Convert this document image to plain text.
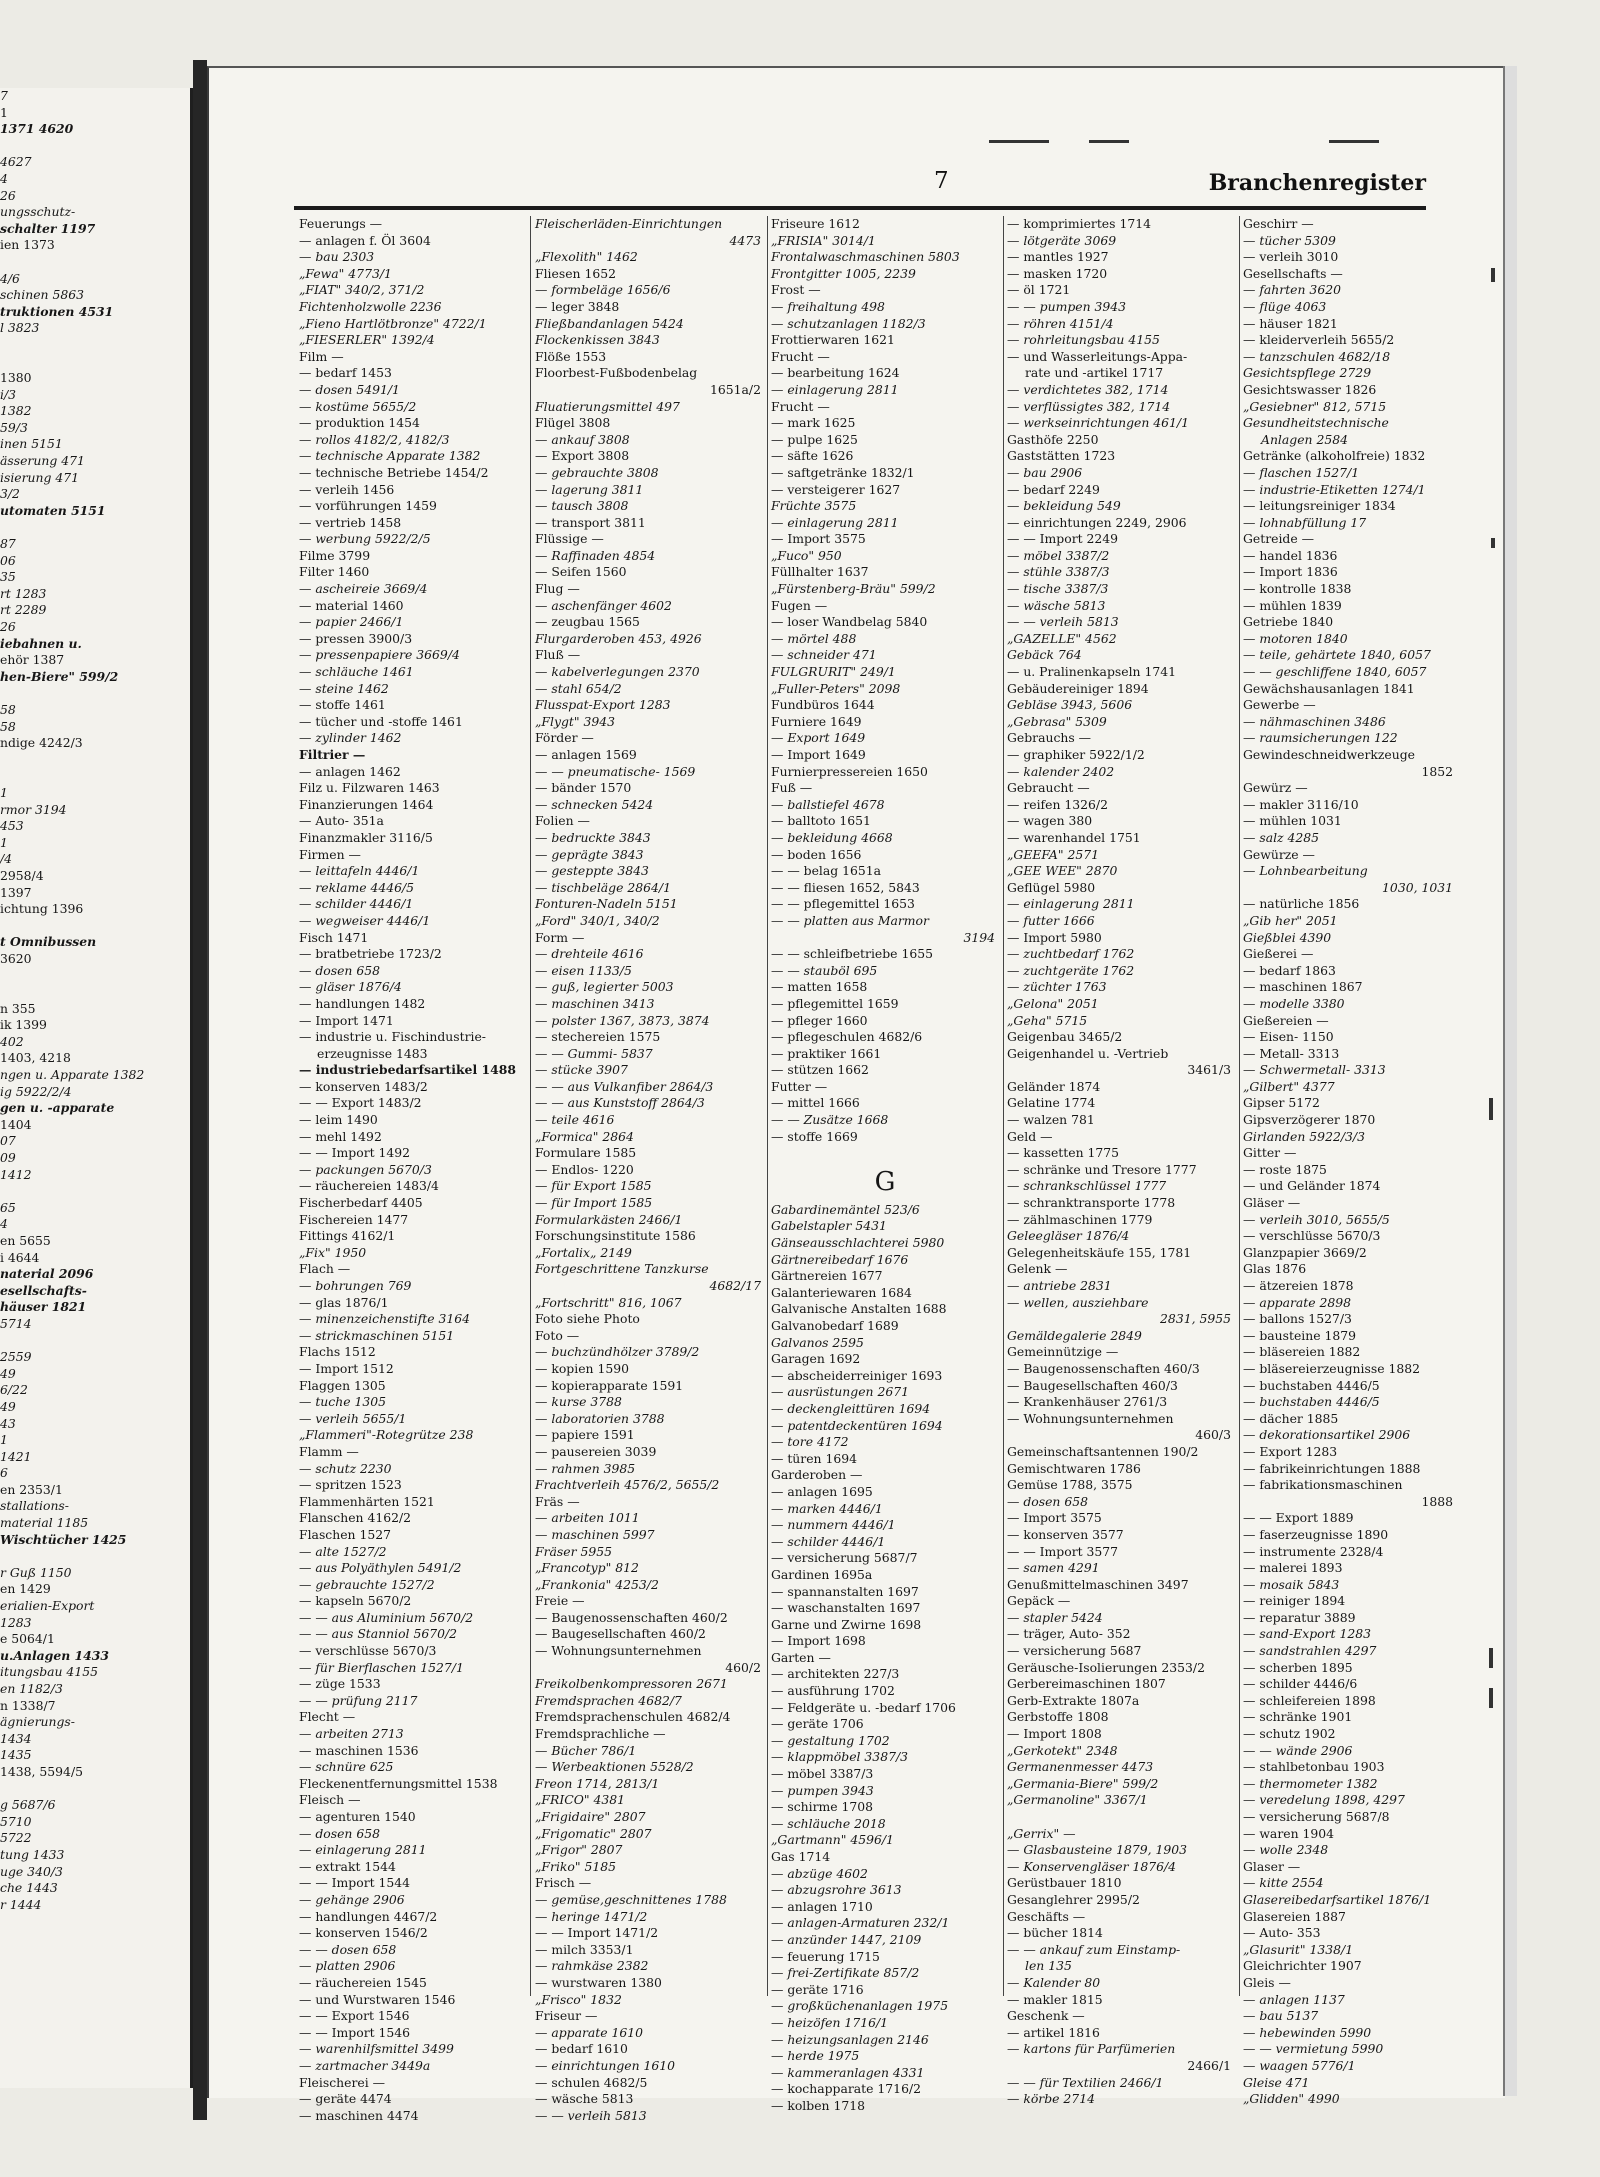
7
1
1371 4620
4627
4
26
ungsschutz-
schalter 1197
ien 1373
4/6
schinen 5863
truktionen 4531
l 3823
1380
i/3
1382
59/3
inen 5151
ässerung 471
isierung 471
3/2
utomaten 5151
87
06
35
rt 1283
rt 2289
26
iebahnen u.
ehör 1387
hen-Biere" 599/2
58
58
ndige 4242/3
1
rmor 3194
453
1
/4
2958/4
1397
ichtung 1396
t Omnibussen
3620
n 355
ik 1399
402
1403, 4218
ngen u. Apparate 1382
ig 5922/2/4
gen u. -apparate
1404
07
09
1412
65
4
en 5655
i 4644
naterial 2096
esellschafts-
häuser 1821
5714
2559
49
6/22
49
43
1
1421
6
en 2353/1
stallations-
material 1185
Wischtücher 1425
r Guß 1150
en 1429
erialien-Export
1283
e 5064/1
u.Anlagen 1433
itungsbau 4155
en 1182/3
n 1338/7
ägnierungs-
1434
1435
1438, 5594/5
g 5687/6
5710
5722
tung 1433
uge 340/3
che 1443
r 1444
7	Branchenregister
Feuerungs —
— anlagen f. Öl 3604
— bau 2303
„Fewa" 4773/1
„FIAT" 340/2, 371/2
Fichtenholzwolle 2236
„Fieno Hartlötbronze" 4722/1
„FIESERLER" 1392/4
Film —
— bedarf 1453
— dosen 5491/1
— kostüme 5655/2
— produktion 1454
— rollos 4182/2, 4182/3
— technische Apparate 1382
— technische Betriebe 1454/2
— verleih 1456
— vorführungen 1459
— vertrieb 1458
— werbung 5922/2/5
Filme 3799
Filter 1460
— ascheireie 3669/4
— material 1460
— papier 2466/1
— pressen 3900/3
— pressenpapiere 3669/4
— schläuche 1461
— steine 1462
— stoffe 1461
— tücher und -stoffe 1461
— zylinder 1462
Filtrier —
— anlagen 1462
Filz u. Filzwaren 1463
Finanzierungen 1464
— Auto- 351a
Finanzmakler 3116/5
Firmen —
— leittafeln 4446/1
— reklame 4446/5
— schilder 4446/1
— wegweiser 4446/1
Fisch 1471
— bratbetriebe 1723/2
— dosen 658
— gläser 1876/4
— handlungen 1482
— Import 1471
— industrie u. Fischindustrie-
erzeugnisse 1483
— industriebedarfsartikel 1488
— konserven 1483/2
— — Export 1483/2
— leim 1490
— mehl 1492
— — Import 1492
— packungen 5670/3
— räuchereien 1483/4
Fischerbedarf 4405
Fischereien 1477
Fittings 4162/1
„Fix" 1950
Flach —
— bohrungen 769
— glas 1876/1
— minenzeichenstifte 3164
— strickmaschinen 5151
Flachs 1512
— Import 1512
Flaggen 1305
— tuche 1305
— verleih 5655/1
„Flammeri"-Rotegrütze 238
Flamm —
— schutz 2230
— spritzen 1523
Flammenhärten 1521
Flanschen 4162/2
Flaschen 1527
— alte 1527/2
— aus Polyäthylen 5491/2
— gebrauchte 1527/2
— kapseln 5670/2
— — aus Aluminium 5670/2
— — aus Stanniol 5670/2
— verschlüsse 5670/3
— für Bierflaschen 1527/1
— züge 1533
— — prüfung 2117
Flecht —
— arbeiten 2713
— maschinen 1536
— schnüre 625
Fleckenentfernungsmittel 1538
Fleisch —
— agenturen 1540
— dosen 658
— einlagerung 2811
— extrakt 1544
— — Import 1544
— gehänge 2906
— handlungen 4467/2
— konserven 1546/2
— — dosen 658
— platten 2906
— räuchereien 1545
— und Wurstwaren 1546
— — Export 1546
— — Import 1546
— warenhilfsmittel 3499
— zartmacher 3449a
Fleischerei —
— geräte 4474
— maschinen 4474
Fleischerläden-Einrichtungen
4473
„Flexolith" 1462
Fliesen 1652
— formbeläge 1656/6
— leger 3848
Fließbandanlagen 5424
Flockenkissen 3843
Flöße 1553
Floorbest-Fußbodenbelag
1651a/2
Fluatierungsmittel 497
Flügel 3808
— ankauf 3808
— Export 3808
— gebrauchte 3808
— lagerung 3811
— tausch 3808
— transport 3811
Flüssige —
— Raffinaden 4854
— Seifen 1560
Flug —
— aschenfänger 4602
— zeugbau 1565
Flurgarderoben 453, 4926
Fluß —
— kabelverlegungen 2370
— stahl 654/2
Flusspat-Export 1283
„Flygt" 3943
Förder —
— anlagen 1569
— — pneumatische- 1569
— bänder 1570
— schnecken 5424
Folien —
— bedruckte 3843
— geprägte 3843
— gesteppte 3843
— tischbeläge 2864/1
Fonturen-Nadeln 5151
„Ford" 340/1, 340/2
Form —
— drehteile 4616
— eisen 1133/5
— guß, legierter 5003
— maschinen 3413
— polster 1367, 3873, 3874
— stechereien 1575
— — Gummi- 5837
— stücke 3907
— — aus Vulkanfiber 2864/3
— — aus Kunststoff 2864/3
— teile 4616
„Formica" 2864
Formulare 1585
— Endlos- 1220
— für Export 1585
— für Import 1585
Formularkästen 2466/1
Forschungsinstitute 1586
„Fortalix„ 2149
Fortgeschrittene Tanzkurse
4682/17
„Fortschritt" 816, 1067
Foto siehe Photo
Foto —
— buchzündhölzer 3789/2
— kopien 1590
— kopierapparate 1591
— kurse 3788
— laboratorien 3788
— papiere 1591
— pausereien 3039
— rahmen 3985
Frachtverleih 4576/2, 5655/2
Fräs —
— arbeiten 1011
— maschinen 5997
Fräser 5955
„Francotyp" 812
„Frankonia" 4253/2
Freie —
— Baugenossenschaften 460/2
— Baugesellschaften 460/2
— Wohnungsunternehmen
460/2
Freikolbenkompressoren 2671
Fremdsprachen 4682/7
Fremdsprachenschulen 4682/4
Fremdsprachliche —
— Bücher 786/1
— Werbeaktionen 5528/2
Freon 1714, 2813/1
„FRICO" 4381
„Frigidaire" 2807
„Frigomatic" 2807
„Frigor" 2807
„Friko" 5185
Frisch —
— gemüse,geschnittenes 1788
— heringe 1471/2
— — Import 1471/2
— milch 3353/1
— rahmkäse 2382
— wurstwaren 1380
„Frisco" 1832
Friseur —
— apparate 1610
— bedarf 1610
— einrichtungen 1610
— schulen 4682/5
— wäsche 5813
— — verleih 5813
Friseure 1612
„FRISIA" 3014/1
Frontalwaschmaschinen 5803
Frontgitter 1005, 2239
Frost —
— freihaltung 498
— schutzanlagen 1182/3
Frottierwaren 1621
Frucht —
— bearbeitung 1624
— einlagerung 2811
Frucht —
— mark 1625
— pulpe 1625
— säfte 1626
— saftgetränke 1832/1
— versteigerer 1627
Früchte 3575
— einlagerung 2811
— Import 3575
„Fuco" 950
Füllhalter 1637
„Fürstenberg-Bräu" 599/2
Fugen —
— loser Wandbelag 5840
— mörtel 488
— schneider 471
FULGRURIT" 249/1
„Fuller-Peters" 2098
Fundbüros 1644
Furniere 1649
— Export 1649
— Import 1649
Furnierpressereien 1650
Fuß —
— ballstiefel 4678
— balltoto 1651
— bekleidung 4668
— boden 1656
— — belag 1651a
— — fliesen 1652, 5843
— — pflegemittel 1653
— — platten aus Marmor
3194
— — schleifbetriebe 1655
— — stauböl 695
— matten 1658
— pflegemittel 1659
— pfleger 1660
— pflegeschulen 4682/6
— praktiker 1661
— stützen 1662
Futter —
— mittel 1666
— — Zusätze 1668
— stoffe 1669
G
Gabardinemäntel 523/6
Gabelstapler 5431
Gänseausschlachterei 5980
Gärtnereibedarf 1676
Gärtnereien 1677
Galanteriewaren 1684
Galvanische Anstalten 1688
Galvanobedarf 1689
Galvanos 2595
Garagen 1692
— abscheiderreiniger 1693
— ausrüstungen 2671
— deckengleittüren 1694
— patentdeckentüren 1694
— tore 4172
— türen 1694
Garderoben —
— anlagen 1695
— marken 4446/1
— nummern 4446/1
— schilder 4446/1
— versicherung 5687/7
Gardinen 1695a
— spannanstalten 1697
— waschanstalten 1697
Garne und Zwirne 1698
— Import 1698
Garten —
— architekten 227/3
— ausführung 1702
— Feldgeräte u. -bedarf 1706
— geräte 1706
— gestaltung 1702
— klappmöbel 3387/3
— möbel 3387/3
— pumpen 3943
— schirme 1708
— schläuche 2018
„Gartmann" 4596/1
Gas 1714
— abzüge 4602
— abzugsrohre 3613
— anlagen 1710
— anlagen-Armaturen 232/1
— anzünder 1447, 2109
— feuerung 1715
— frei-Zertifikate 857/2
— geräte 1716
— großküchenanlagen 1975
— heizöfen 1716/1
— heizungsanlagen 2146
— herde 1975
— kammeranlagen 4331
— kochapparate 1716/2
— kolben 1718
— komprimiertes 1714
— lötgeräte 3069
— mantles 1927
— masken 1720
— öl 1721
— — pumpen 3943
— röhren 4151/4
— rohrleitungsbau 4155
— und Wasserleitungs-Appa-
rate und -artikel 1717
— verdichtetes 382, 1714
— verflüssigtes 382, 1714
— werkseinrichtungen 461/1
Gasthöfe 2250
Gaststätten 1723
— bau 2906
— bedarf 2249
— bekleidung 549
— einrichtungen 2249, 2906
— — Import 2249
— möbel 3387/2
— stühle 3387/3
— tische 3387/3
— wäsche 5813
— — verleih 5813
„GAZELLE" 4562
Gebäck 764
— u. Pralinenkapseln 1741
Gebäudereiniger 1894
Gebläse 3943, 5606
„Gebrasa" 5309
Gebrauchs —
— graphiker 5922/1/2
— kalender 2402
Gebraucht —
— reifen 1326/2
— wagen 380
— warenhandel 1751
„GEEFA" 2571
„GEE WEE" 2870
Geflügel 5980
— einlagerung 2811
— futter 1666
— Import 5980
— zuchtbedarf 1762
— zuchtgeräte 1762
— züchter 1763
„Gelona" 2051
„Geha" 5715
Geigenbau 3465/2
Geigenhandel u. -Vertrieb
3461/3
Geländer 1874
Gelatine 1774
— walzen 781
Geld —
— kassetten 1775
— schränke und Tresore 1777
— schrankschlüssel 1777
— schranktransporte 1778
— zählmaschinen 1779
Geleegläser 1876/4
Gelegenheitskäufe 155, 1781
Gelenk —
— antriebe 2831
— wellen, ausziehbare
2831, 5955
Gemäldegalerie 2849
Gemeinnützige —
— Baugenossenschaften 460/3
— Baugesellschaften 460/3
— Krankenhäuser 2761/3
— Wohnungsunternehmen
460/3
Gemeinschaftsantennen 190/2
Gemischtwaren 1786
Gemüse 1788, 3575
— dosen 658
— Import 3575
— konserven 3577
— — Import 3577
— samen 4291
Genußmittelmaschinen 3497
Gepäck —
— stapler 5424
— träger, Auto- 352
— versicherung 5687
Geräusche-Isolierungen 2353/2
Gerbereimaschinen 1807
Gerb-Extrakte 1807a
Gerbstoffe 1808
— Import 1808
„Gerkotekt" 2348
Germanenmesser 4473
„Germania-Biere" 599/2
„Germanoline" 3367/1
„Gerrix" —
— Glasbausteine 1879, 1903
— Konservengläser 1876/4
Gerüstbauer 1810
Gesanglehrer 2995/2
Geschäfts —
— bücher 1814
— — ankauf zum Einstamp-
len 135
— Kalender 80
— makler 1815
Geschenk —
— artikel 1816
— kartons für Parfümerien
2466/1
— — für Textilien 2466/1
— körbe 2714
Geschirr —
— tücher 5309
— verleih 3010
Gesellschafts —
— fahrten 3620
— flüge 4063
— häuser 1821
— kleiderverleih 5655/2
— tanzschulen 4682/18
Gesichtspflege 2729
Gesichtswasser 1826
„Gesiebner" 812, 5715
Gesundheitstechnische
Anlagen 2584
Getränke (alkoholfreie) 1832
— flaschen 1527/1
— industrie-Etiketten 1274/1
— leitungsreiniger 1834
— lohnabfüllung 17
Getreide —
— handel 1836
— Import 1836
— kontrolle 1838
— mühlen 1839
Getriebe 1840
— motoren 1840
— teile, gehärtete 1840, 6057
— — geschliffene 1840, 6057
Gewächshausanlagen 1841
Gewerbe —
— nähmaschinen 3486
— raumsicherungen 122
Gewindeschneidwerkzeuge
1852
Gewürz —
— makler 3116/10
— mühlen 1031
— salz 4285
Gewürze —
— Lohnbearbeitung
1030, 1031
— natürliche 1856
„Gib her" 2051
Gießblei 4390
Gießerei —
— bedarf 1863
— maschinen 1867
— modelle 3380
Gießereien —
— Eisen- 1150
— Metall- 3313
— Schwermetall- 3313
„Gilbert" 4377
Gipser 5172
Gipsverzögerer 1870
Girlanden 5922/3/3
Gitter —
— roste 1875
— und Geländer 1874
Gläser —
— verleih 3010, 5655/5
— verschlüsse 5670/3
Glanzpapier 3669/2
Glas 1876
— ätzereien 1878
— apparate 2898
— ballons 1527/3
— bausteine 1879
— bläsereien 1882
— bläsereierzeugnisse 1882
— buchstaben 4446/5
— buchstaben 4446/5
— dächer 1885
— dekorationsartikel 2906
— Export 1283
— fabrikeinrichtungen 1888
— fabrikationsmaschinen
1888
— — Export 1889
— faserzeugnisse 1890
— instrumente 2328/4
— malerei 1893
— mosaik 5843
— reiniger 1894
— reparatur 3889
— sand-Export 1283
— sandstrahlen 4297
— scherben 1895
— schilder 4446/6
— schleifereien 1898
— schränke 1901
— schutz 1902
— — wände 2906
— stahlbetonbau 1903
— thermometer 1382
— veredelung 1898, 4297
— versicherung 5687/8
— waren 1904
— wolle 2348
Glaser —
— kitte 2554
Glasereibedarfsartikel 1876/1
Glasereien 1887
— Auto- 353
„Glasurit" 1338/1
Gleichrichter 1907
Gleis —
— anlagen 1137
— bau 5137
— hebewinden 5990
— — vermietung 5990
— waagen 5776/1
Gleise 471
„Glidden" 4990
